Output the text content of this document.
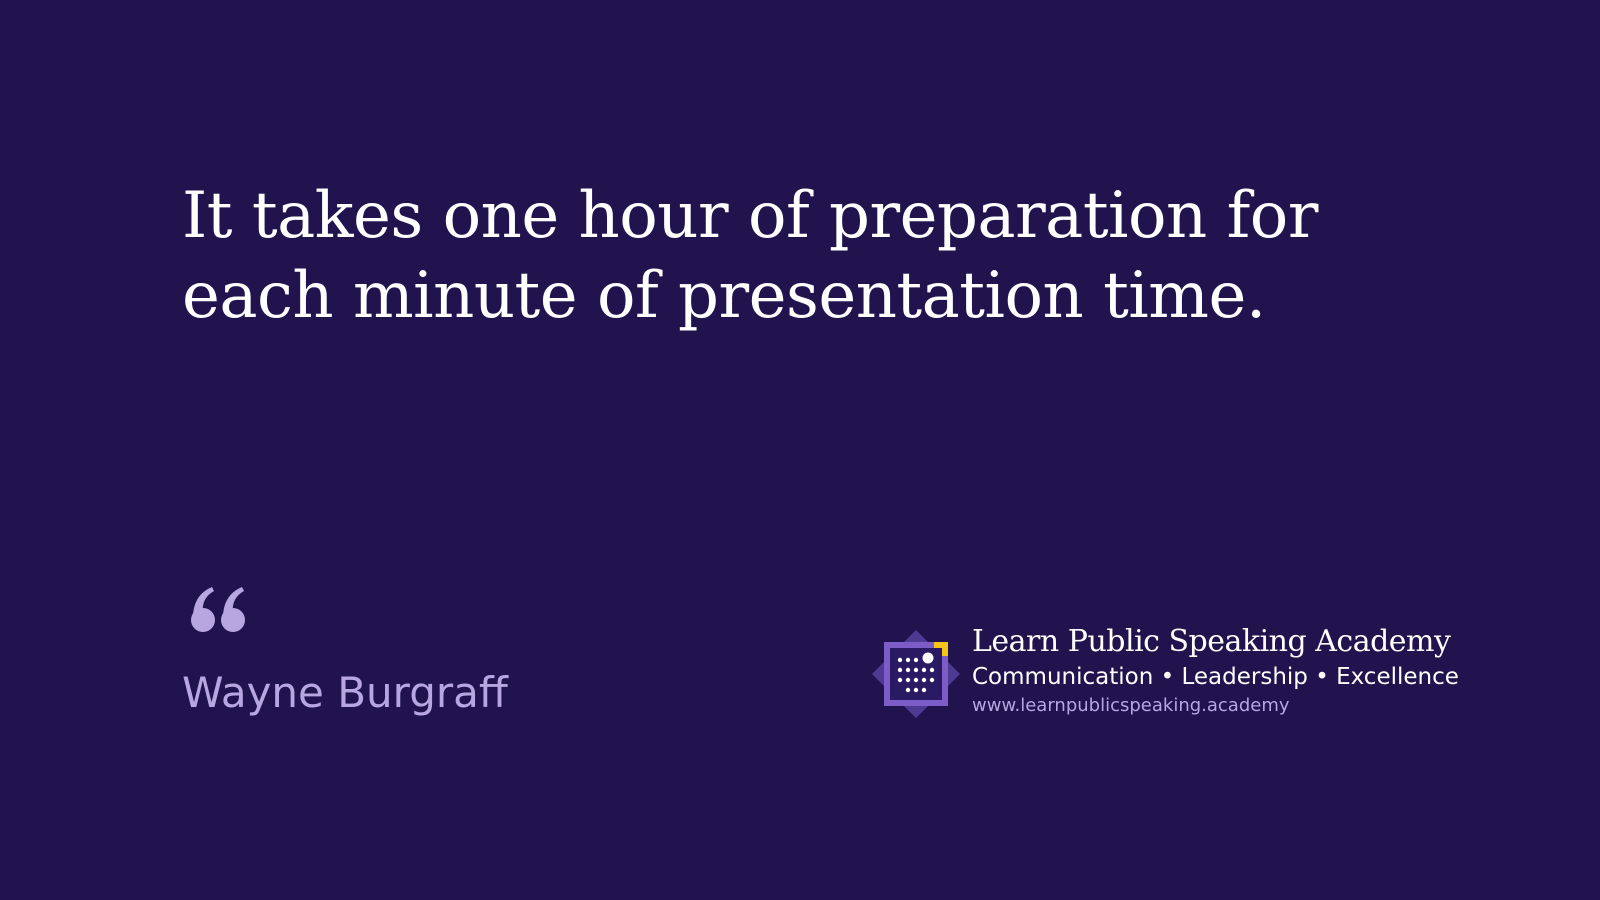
It takes one hour of preparation for each minute of presentation time.

Wayne Burgraff
Learn Public Speaking Academy
Communication • Leadership • Excellence
www.learnpublicspeaking.academy
